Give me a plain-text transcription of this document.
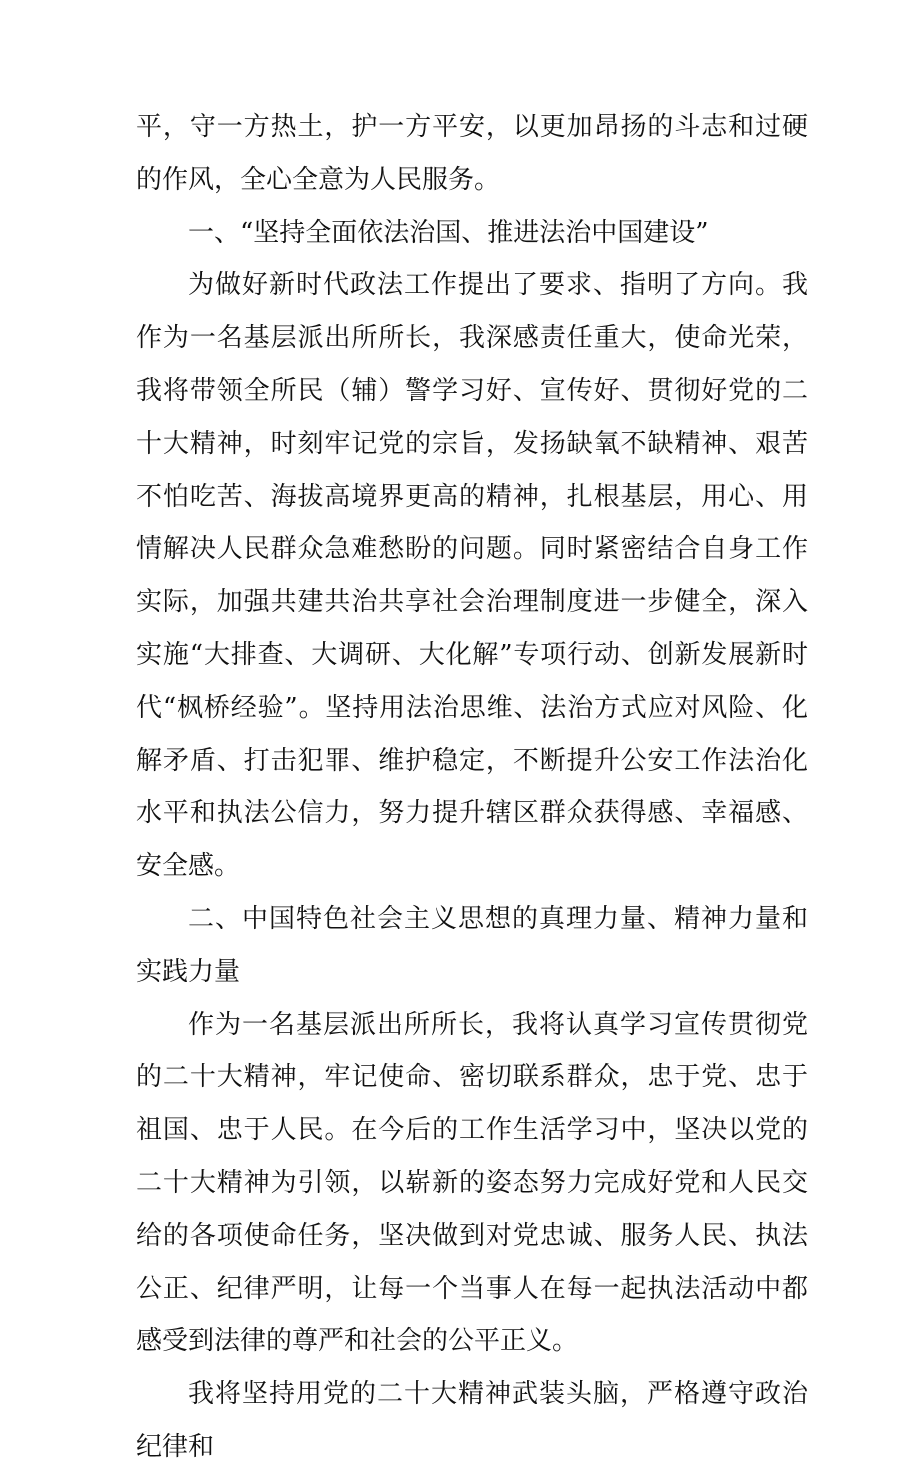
平，守一方热土，护一方平安，以更加昂扬的斗志和过硬的作风，全心全意为人民服务。

一、“坚持全面依法治国、推进法治中国建设”

为做好新时代政法工作提出了要求、指明了方向。我作为一名基层派出所所长，我深感责任重大，使命光荣，我将带领全所民（辅）警学习好、宣传好、贯彻好党的二十大精神，时刻牢记党的宗旨，发扬缺氧不缺精神、艰苦不怕吃苦、海拔高境界更高的精神，扎根基层，用心、用情解决人民群众急难愁盼的问题。同时紧密结合自身工作实际，加强共建共治共享社会治理制度进一步健全，深入实施“大排查、大调研、大化解”专项行动、创新发展新时代“枫桥经验”。坚持用法治思维、法治方式应对风险、化解矛盾、打击犯罪、维护稳定，不断提升公安工作法治化水平和执法公信力，努力提升辖区群众获得感、幸福感、安全感。

二、中国特色社会主义思想的真理力量、精神力量和实践力量

作为一名基层派出所所长，我将认真学习宣传贯彻党的二十大精神，牢记使命、密切联系群众，忠于党、忠于祖国、忠于人民。在今后的工作生活学习中，坚决以党的二十大精神为引领，以崭新的姿态努力完成好党和人民交给的各项使命任务，坚决做到对党忠诚、服务人民、执法公正、纪律严明，让每一个当事人在每一起执法活动中都感受到法律的尊严和社会的公平正义。

我将坚持用党的二十大精神武装头脑，严格遵守政治纪律和
